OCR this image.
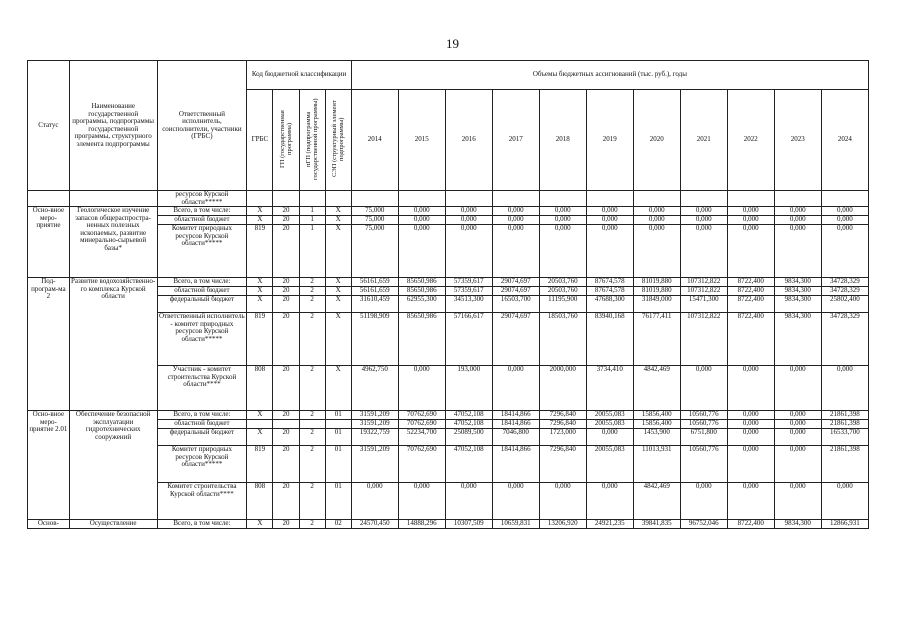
19
Статус	Наименование государственной программы, подпрограммы государственной программы, структурного элемента подпрограммы	Ответственный исполнитель, соисполнители, участники (ГРБС)	Код бюджетной классификации				Объемы бюджетных ассигнований (тыс. руб.), годы										
			ГРБС	ГП (государственная программа)	пГП (подпрограмма государственной программы)	СЭП (структурный элемент подпрограммы)	2014	2015	2016	2017	2018	2019	2020	2021	2022	2023	2024
		ресурсов Курской области*****															
Осно-вное меро-приятие	Геологическое изучение запасов общераспростра-ненных полезных ископаемых, развитие минерально-сырьевой базы*	Всего, в том числе:	X	20	1	X	75,000	0,000	0,000	0,000	0,000	0,000	0,000	0,000	0,000	0,000	0,000
		областной бюджет	X	20	1	X	75,000	0,000	0,000	0,000	0,000	0,000	0,000	0,000	0,000	0,000	0,000
		Комитет природных ресурсов Курской области*****	819	20	1	X	75,000	0,000	0,000	0,000	0,000	0,000	0,000	0,000	0,000	0,000	0,000
Под-програм-ма 2	Развитие водохозяйственно-го комплекса Курской области	Всего, в том числе:	X	20	2	X	56161,659	85650,986	57359,617	29074,697	20503,760	87674,578	81019,880	107312,822	8722,400	9834,300	34728,329
		областной бюджет	X	20	2	X	56161,659	85650,986	57359,617	29074,697	20503,760	87674,578	81019,880	107312,822	8722,400	9834,300	34728,329
		федеральный бюджет	X	20	2	X	31610,459	62955,300	34513,300	16503,700	11195,900	47688,300	31849,000	15471,300	8722,400	9834,300	25802,400
		Ответственный исполнитель - комитет природных ресурсов Курской области*****	819	20	2	X	51198,909	85650,986	57166,617	29074,697	18503,760	83940,168	76177,411	107312,822	8722,400	9834,300	34728,329
		Участник - комитет строительства Курской области****	808	20	2	X	4962,750	0,000	193,000	0,000	2000,000	3734,410	4842,469	0,000	0,000	0,000	0,000
Осно-вное меро-приятие 2.01	Обеспечение безопасной эксплуатации гидротехнических сооружений	Всего, в том числе:	X	20	2	01	31591,209	70762,690	47052,108	18414,866	7296,840	20055,083	15856,400	10560,776	0,000	0,000	21861,398
		областной бюджет					31591,209	70762,690	47052,108	18414,866	7296,840	20055,083	15856,400	10560,776	0,000	0,000	21861,398
		федеральный бюджет	X	20	2	01	19322,759	52234,700	25089,500	7046,800	1723,000	0,000	1453,900	6751,800	0,000	0,000	16533,700
		Комитет природных ресурсов Курской области*****	819	20	2	01	31591,209	70762,690	47052,108	18414,866	7296,840	20055,083	11013,931	10560,776	0,000	0,000	21861,398
		Комитет строительства Курской области****	808	20	2	01	0,000	0,000	0,000	0,000	0,000	0,000	4842,469	0,000	0,000	0,000	0,000
Основ-	Осуществление	Всего, в том числе:	X	20	2	02	24570,450	14888,296	10307,509	10659,831	13206,920	24921,235	39841,835	96752,046	8722,400	9834,300	12866,931
